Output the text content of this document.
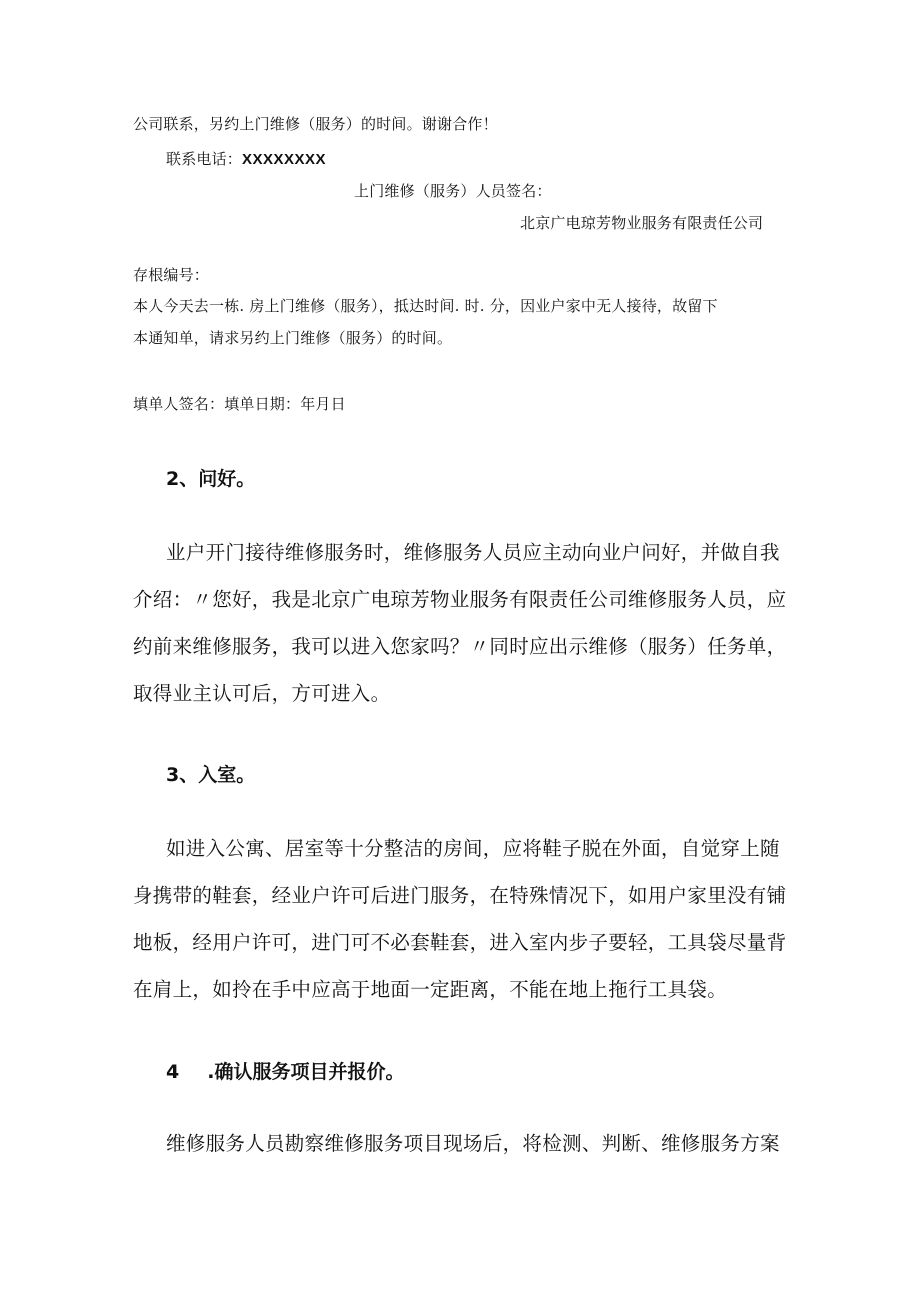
公司联系，另约上门维修（服务）的时间。谢谢合作！
联系电话：XXXXXXXX
上门维修（服务）人员签名：
北京广电琼芳物业服务有限责任公司
存根编号：
本人今天去一栋. 房上门维修（服务），抵达时间. 时. 分，因业户家中无人接待，故留下
本通知单，请求另约上门维修（服务）的时间。
填单人签名：填单日期：年月日
2、问好。
业户开门接待维修服务时，维修服务人员应主动向业户问好，并做自我
介绍：〃您好，我是北京广电琼芳物业服务有限责任公司维修服务人员，应
约前来维修服务，我可以进入您家吗？〃同时应出示维修（服务）任务单，
取得业主认可后，方可进入。
3、入室。
如进入公寓、居室等十分整洁的房间，应将鞋子脱在外面，自觉穿上随
身携带的鞋套，经业户许可后进门服务，在特殊情况下，如用户家里没有铺
地板，经用户许可，进门可不必套鞋套，进入室内步子要轻，工具袋尽量背
在肩上，如拎在手中应高于地面一定距离，不能在地上拖行工具袋。
4 .确认服务项目并报价。
维修服务人员勘察维修服务项目现场后，将检测、判断、维修服务方案
